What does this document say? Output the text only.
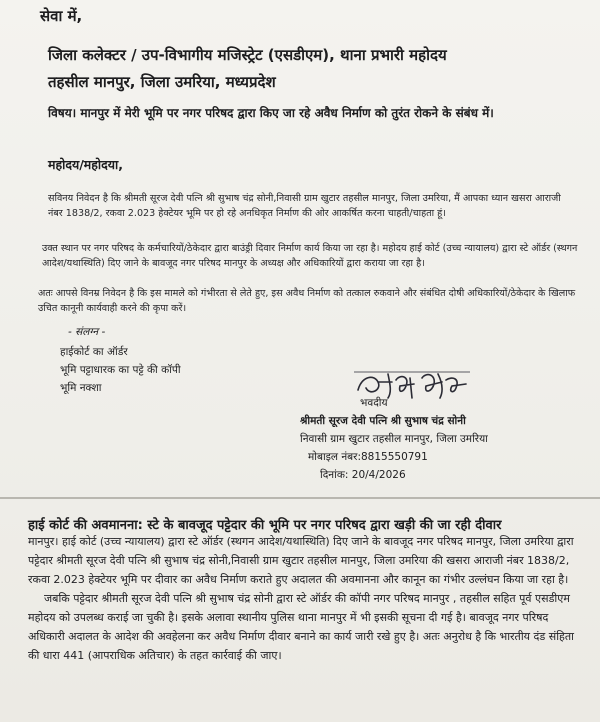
सेवा में,
जिला कलेक्टर / उप-विभागीय मजिस्ट्रेट (एसडीएम), थाना प्रभारी महोदय
तहसील मानपुर, जिला उमरिया, मध्यप्रदेश
विषय। मानपुर में मेरी भूमि पर नगर परिषद द्वारा किए जा रहे अवैध निर्माण को तुरंत रोकने के संबंध में।
महोदय/महोदया,
सविनय निवेदन है कि श्रीमती सूरज देवी पत्नि श्री सुभाष चंद्र सोनी,निवासी ग्राम खुटार तहसील मानपुर, जिला उमरिया, मैं आपका ध्यान खसरा आराजी नंबर 1838/2, रकवा 2.023 हेक्टेयर भूमि पर हो रहे अनधिकृत निर्माण की ओर आकर्षित करना चाहती/चाहता हूं।
उक्त स्थान पर नगर परिषद के कर्मचारियों/ठेकेदार द्वारा बाउंड्री दिवार निर्माण कार्य किया जा रहा है। महोदय हाई कोर्ट (उच्च न्यायालय) द्वारा स्टे ऑर्डर (स्थगन आदेश/यथास्थिति) दिए जाने के बावजूद नगर परिषद मानपुर के अध्यक्ष और अधिकारियों द्वारा कराया जा रहा है।
अतः आपसे विनम्र निवेदन है कि इस मामले को गंभीरता से लेते हुए, इस अवैध निर्माण को तत्काल रुकवाने और संबंधित दोषी अधिकारियों/ठेकेदार के खिलाफ उचित कानूनी कार्यवाही करने की कृपा करें।
- संलग्न -
हाईकोर्ट का ऑर्डर
भूमि पट्टाधारक का पट्टे की कॉपी
भूमि नक्शा
भवदीय
श्रीमती सूरज देवी पत्नि श्री सुभाष चंद्र सोनी
निवासी ग्राम खुटार तहसील मानपुर, जिला उमरिया
मोबाइल नंबर:8815550791
दिनांक: 20/4/2026
हाई कोर्ट की अवमानना: स्टे के बावजूद पट्टेदार की भूमि पर नगर परिषद द्वारा खड़ी की जा रही दीवार

मानपुर। हाई कोर्ट (उच्च न्यायालय) द्वारा स्टे ऑर्डर (स्थगन आदेश/यथास्थिति) दिए जाने के बावजूद नगर परिषद मानपुर, जिला उमरिया द्वारा पट्टेदार श्रीमती सूरज देवी पत्नि श्री सुभाष चंद्र सोनी,निवासी ग्राम खुटार तहसील मानपुर, जिला उमरिया की खसरा आराजी नंबर 1838/2, रकवा 2.023 हेक्टेयर भूमि पर दीवार का अवैध निर्माण कराते हुए अदालत की अवमानना और कानून का गंभीर उल्लंघन किया जा रहा है।

जबकि पट्टेदार श्रीमती सूरज देवी पत्नि श्री सुभाष चंद्र सोनी द्वारा स्टे ऑर्डर की कॉपी नगर परिषद मानपुर , तहसील सहित पूर्व एसडीएम महोदय को उपलब्ध कराई जा चुकी है। इसके अलावा स्थानीय पुलिस थाना मानपुर में भी इसकी सूचना दी गई है। बावजूद नगर परिषद अधिकारी अदालत के आदेश की अवहेलना कर अवैध निर्माण दीवार बनाने का कार्य जारी रखे हुए है। अतः अनुरोध है कि भारतीय दंड संहिता की धारा 441 (आपराधिक अतिचार) के तहत कार्रवाई की जाए।
